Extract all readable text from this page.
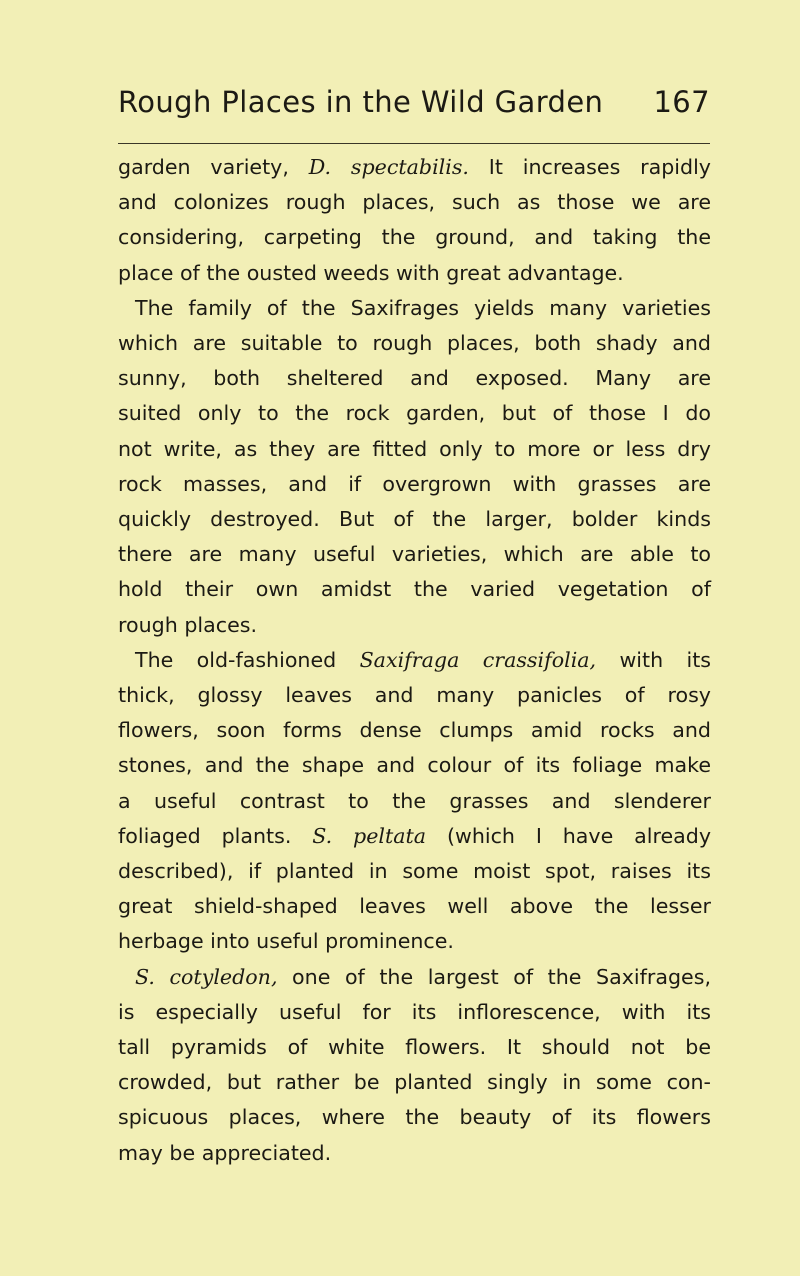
Rough Places in the Wild Garden 167
garden variety, D. spectabilis. It increases rapidly
and colonizes rough places, such as those we are
considering, carpeting the ground, and taking the
place of the ousted weeds with great advantage.
The family of the Saxifrages yields many varieties
which are suitable to rough places, both shady and
sunny, both sheltered and exposed. Many are
suited only to the rock garden, but of those I do
not write, as they are fitted only to more or less dry
rock masses, and if overgrown with grasses are
quickly destroyed. But of the larger, bolder kinds
there are many useful varieties, which are able to
hold their own amidst the varied vegetation of
rough places.
The old-fashioned Saxifraga crassifolia, with its
thick, glossy leaves and many panicles of rosy
flowers, soon forms dense clumps amid rocks and
stones, and the shape and colour of its foliage make
a useful contrast to the grasses and slenderer
foliaged plants. S. peltata (which I have already
described), if planted in some moist spot, raises its
great shield-shaped leaves well above the lesser
herbage into useful prominence.
S. cotyledon, one of the largest of the Saxifrages,
is especially useful for its inflorescence, with its
tall pyramids of white flowers. It should not be
crowded, but rather be planted singly in some con-
spicuous places, where the beauty of its flowers
may be appreciated.
